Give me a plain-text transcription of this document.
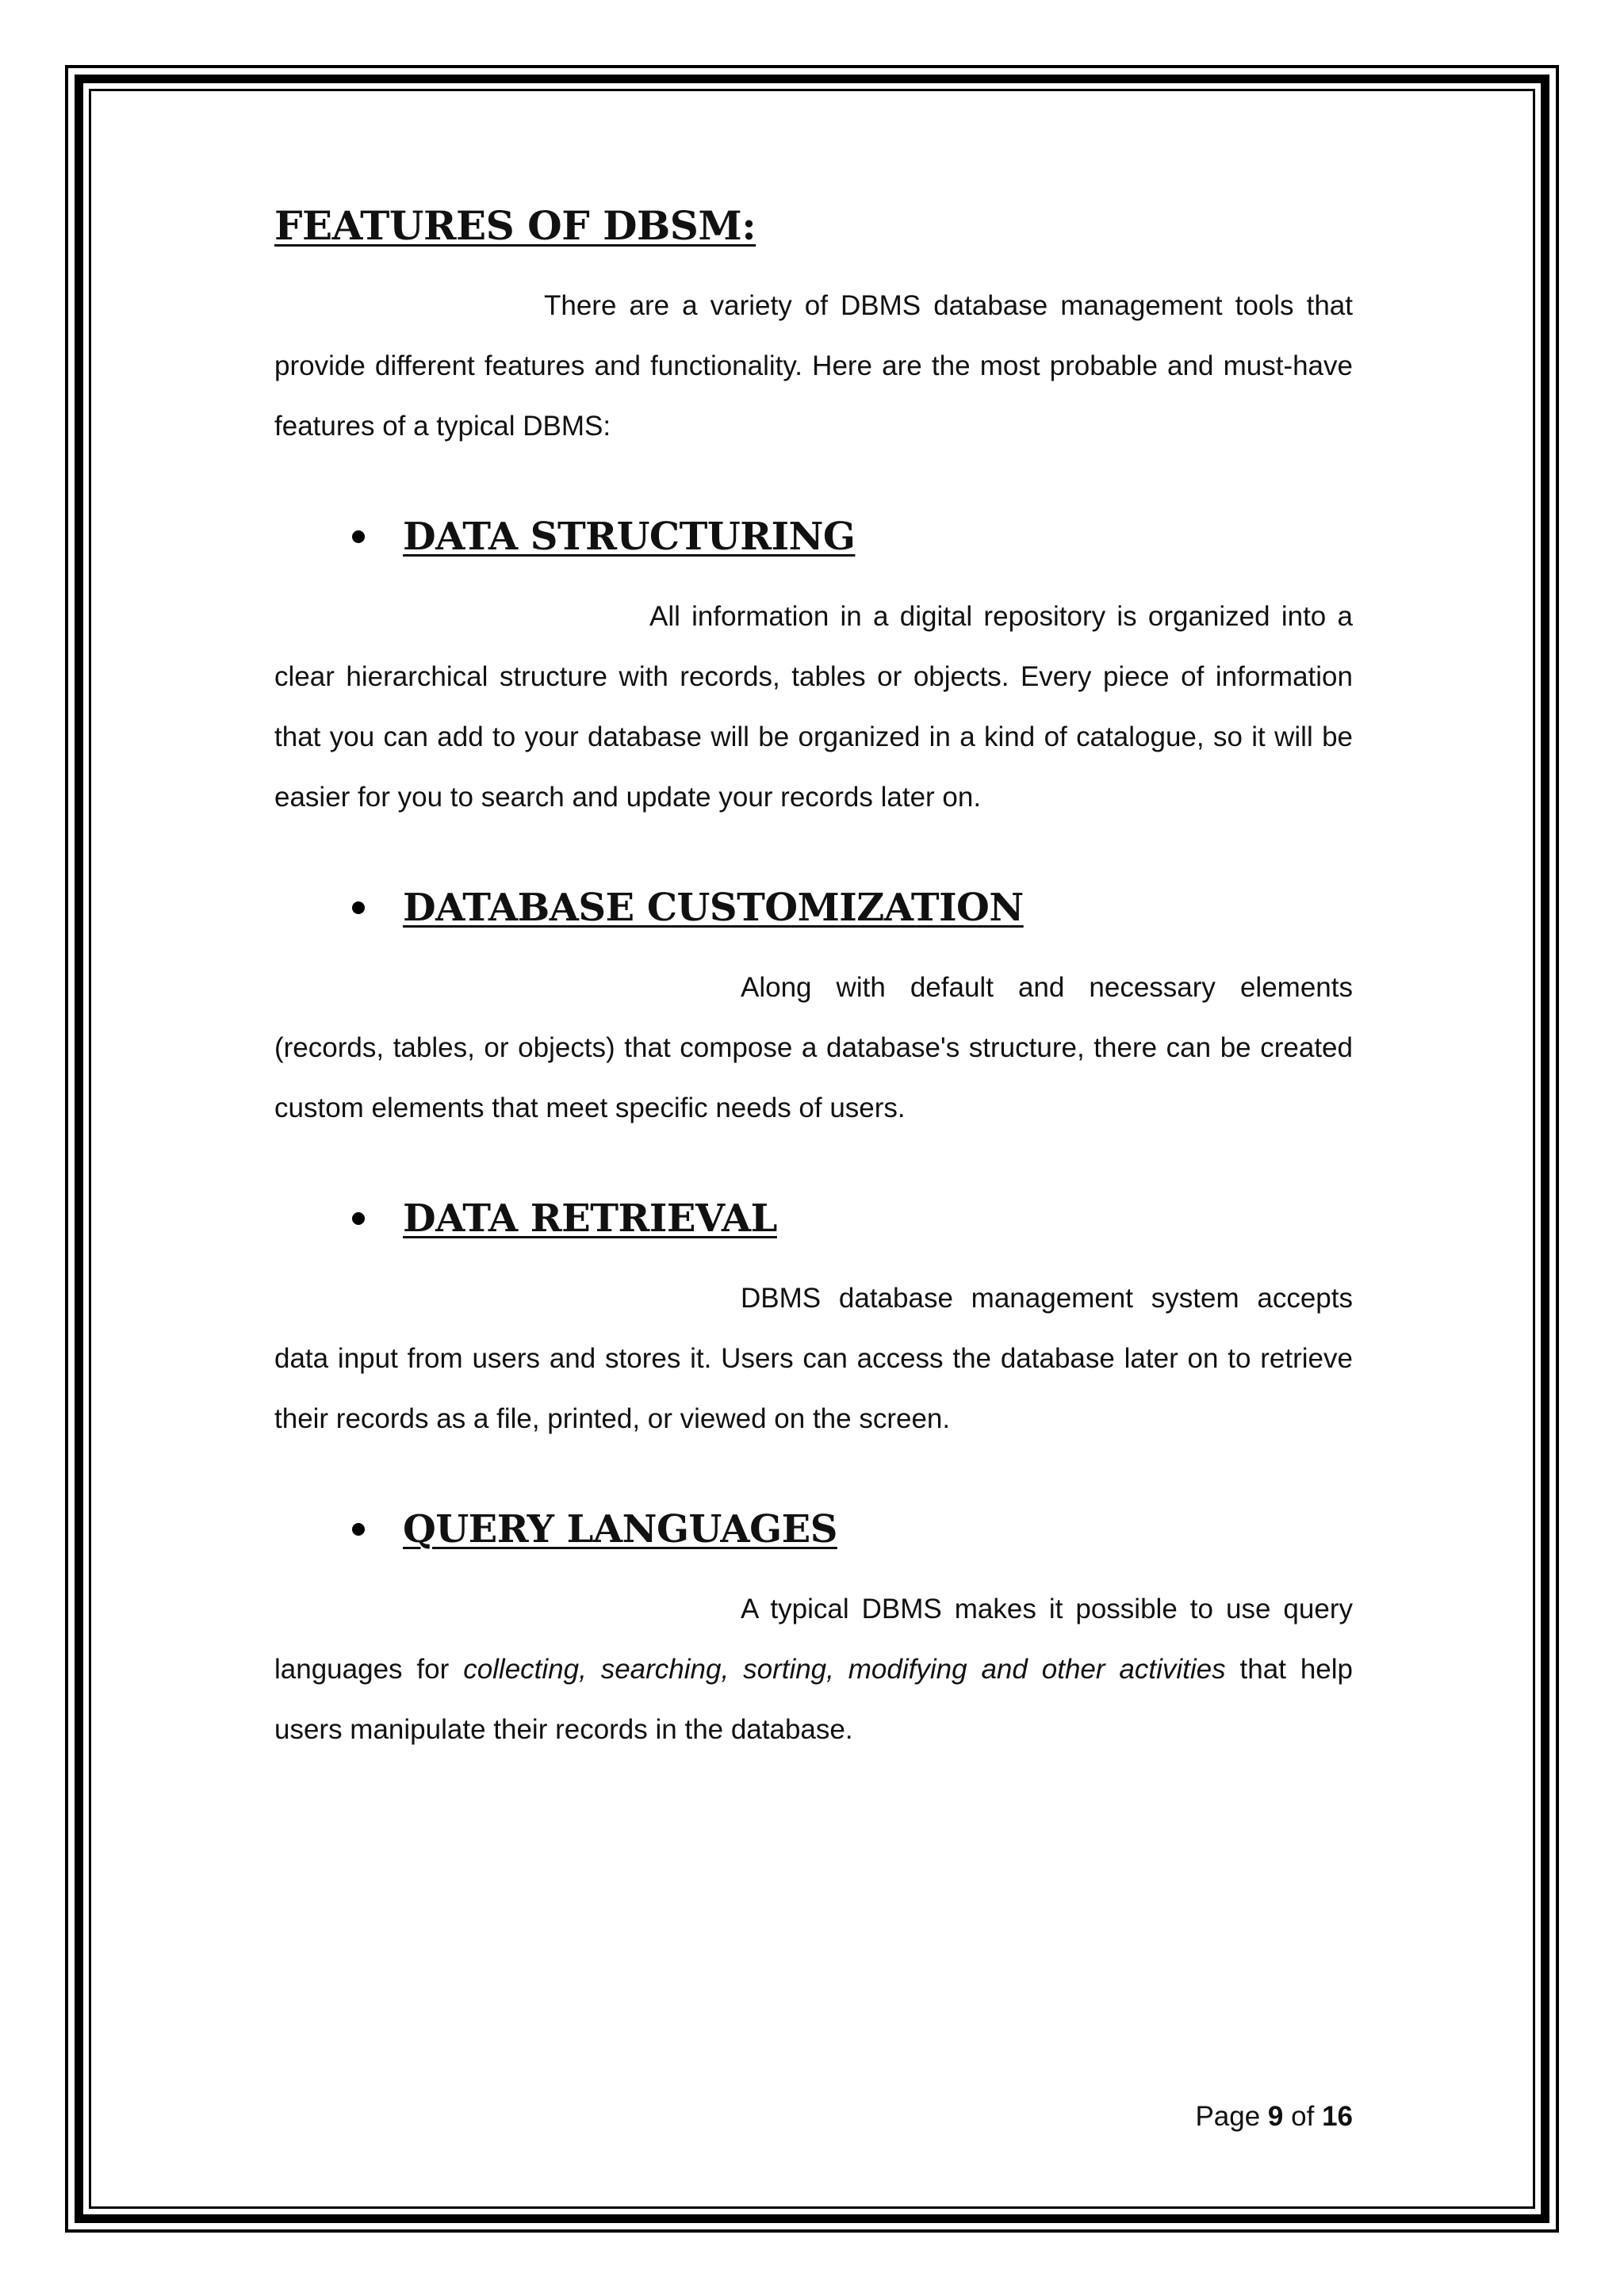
FEATURES OF DBSM:

There are a variety of DBMS database management tools that provide different features and functionality. Here are the most probable and must-have features of a typical DBMS:

DATA STRUCTURING

All information in a digital repository is organized into a clear hierarchical structure with records, tables or objects. Every piece of information that you can add to your database will be organized in a kind of catalogue, so it will be easier for you to search and update your records later on.

DATABASE CUSTOMIZATION

Along with default and necessary elements (records, tables, or objects) that compose a database's structure, there can be created custom elements that meet specific needs of users.

DATA RETRIEVAL

DBMS database management system accepts data input from users and stores it. Users can access the database later on to retrieve their records as a file, printed, or viewed on the screen.

QUERY LANGUAGES

A typical DBMS makes it possible to use query languages for collecting, searching, sorting, modifying and other activities that help users manipulate their records in the database.

Page 9 of 16
